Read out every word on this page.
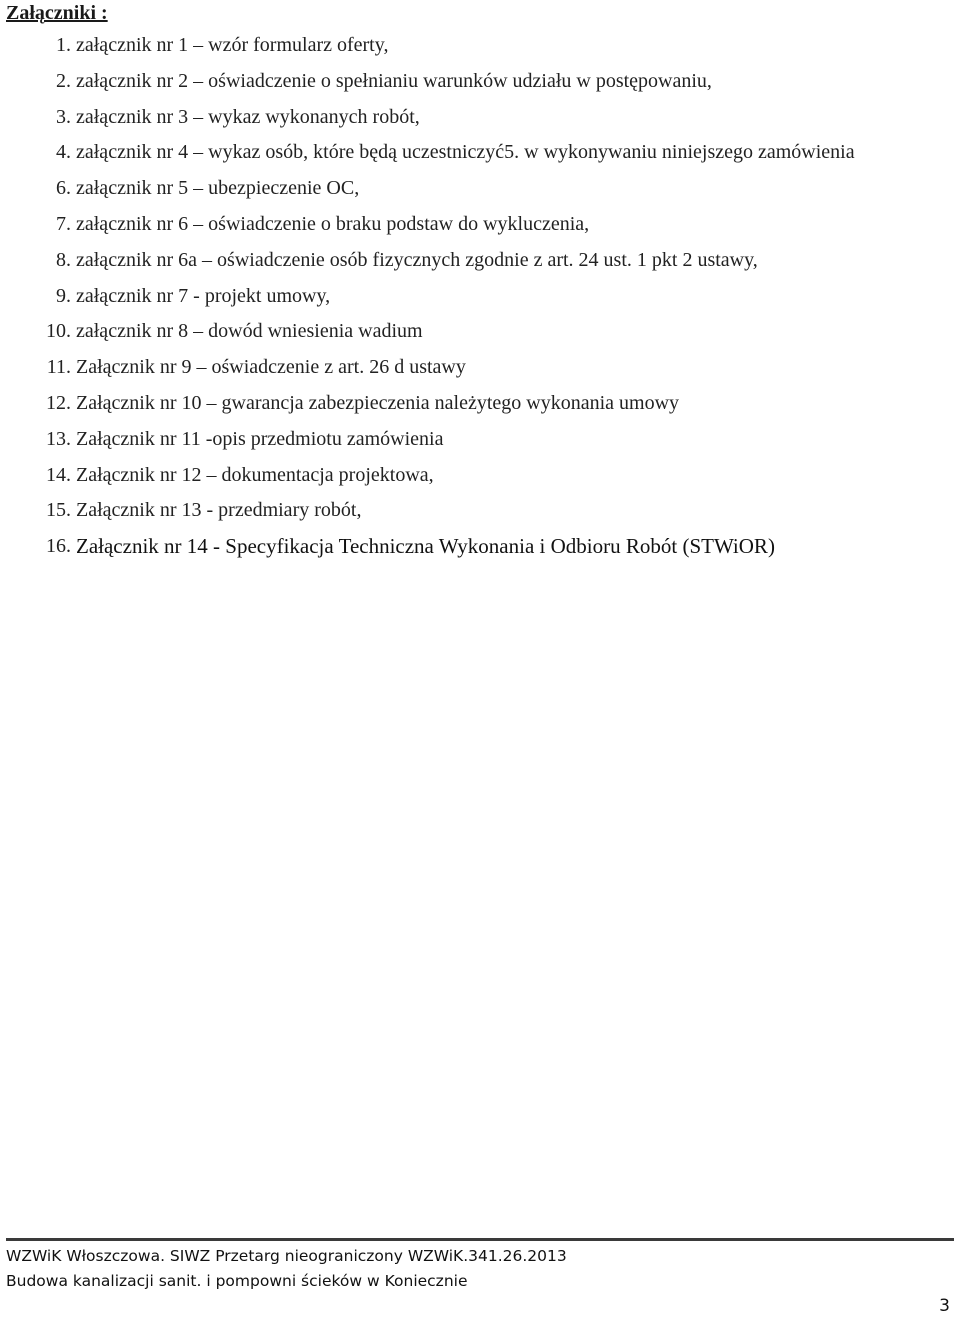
Załączniki :
1. załącznik nr 1 – wzór formularz oferty,
2. załącznik nr 2 – oświadczenie o spełnianiu warunków udziału w postępowaniu,
3. załącznik nr 3 – wykaz wykonanych robót,
4. załącznik nr 4 – wykaz osób, które będą uczestniczyć5. w wykonywaniu niniejszego zamówienia
6. załącznik nr 5 – ubezpieczenie OC,
7. załącznik nr 6 – oświadczenie o braku podstaw do wykluczenia,
8. załącznik nr 6a – oświadczenie osób fizycznych zgodnie z art. 24 ust. 1 pkt 2 ustawy,
9. załącznik nr 7 - projekt umowy,
10. załącznik nr 8 – dowód wniesienia wadium
11. Załącznik nr 9 – oświadczenie z art. 26 d ustawy
12. Załącznik nr 10 – gwarancja zabezpieczenia należytego wykonania umowy
13. Załącznik nr 11 -opis przedmiotu zamówienia
14. Załącznik nr 12 – dokumentacja projektowa,
15. Załącznik nr 13 - przedmiary robót,
16. Załącznik nr 14 - Specyfikacja Techniczna Wykonania i Odbioru Robót (STWiOR)
WZWiK Włoszczowa. SIWZ Przetarg nieograniczony WZWiK.341.26.2013
Budowa kanalizacji sanit. i pompowni ścieków w Koniecznie
3
